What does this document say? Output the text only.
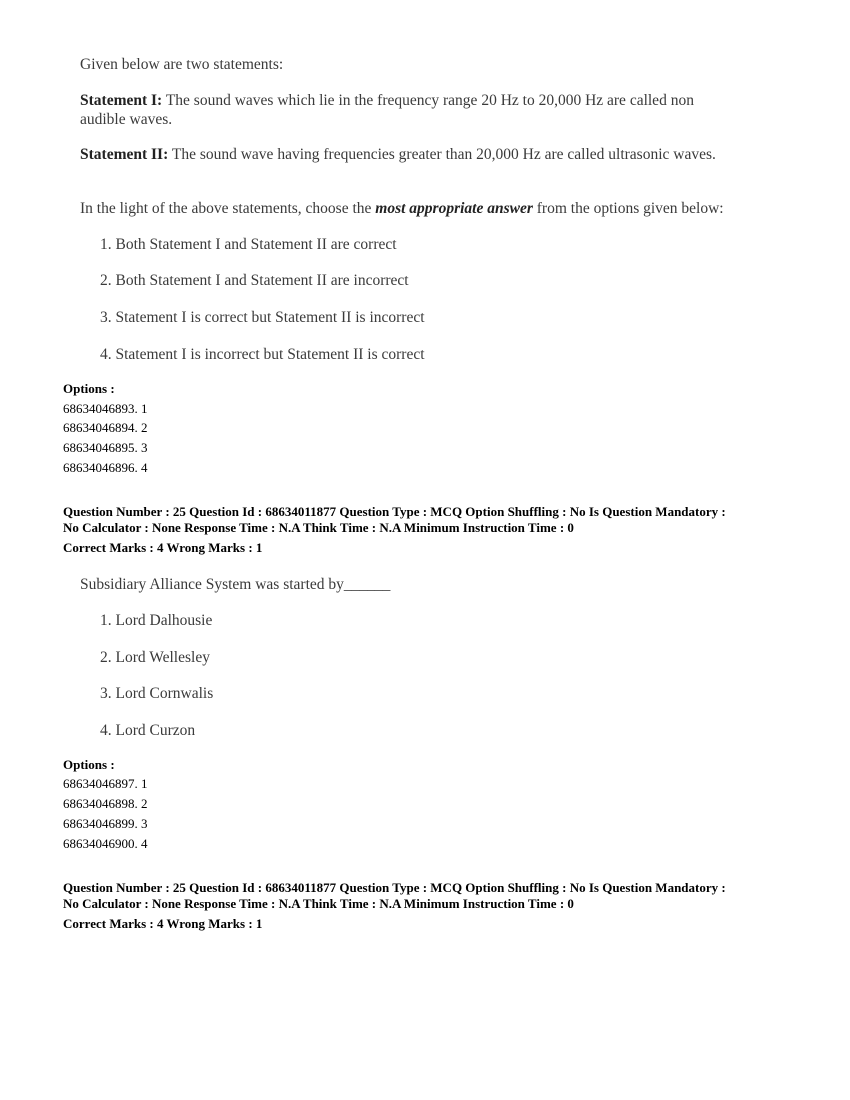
Given below are two statements:
Statement I: The sound waves which lie in the frequency range 20 Hz to 20,000 Hz are called non
audible waves.
Statement II: The sound wave having frequencies greater than 20,000 Hz are called ultrasonic waves.
In the light of the above statements, choose the most appropriate answer from the options given below:
1. Both Statement I and Statement II are correct
2. Both Statement I and Statement II are incorrect
3. Statement I is correct but Statement II is incorrect
4. Statement I is incorrect but Statement II is correct
Options :
68634046893. 1
68634046894. 2
68634046895. 3
68634046896. 4
Question Number : 25 Question Id : 68634011877 Question Type : MCQ Option Shuffling : No Is Question Mandatory :
No Calculator : None Response Time : N.A Think Time : N.A Minimum Instruction Time : 0
Correct Marks : 4 Wrong Marks : 1
Subsidiary Alliance System was started by______
1. Lord Dalhousie
2. Lord Wellesley
3. Lord Cornwalis
4. Lord Curzon
Options :
68634046897. 1
68634046898. 2
68634046899. 3
68634046900. 4
Question Number : 25 Question Id : 68634011877 Question Type : MCQ Option Shuffling : No Is Question Mandatory :
No Calculator : None Response Time : N.A Think Time : N.A Minimum Instruction Time : 0
Correct Marks : 4 Wrong Marks : 1
